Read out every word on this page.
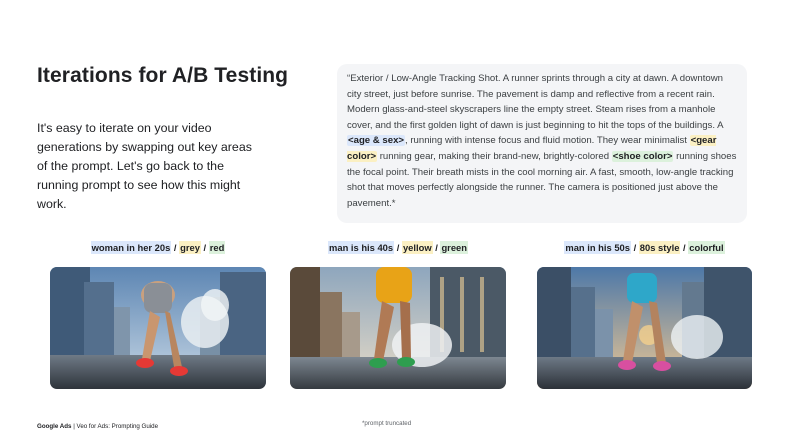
Iterations for A/B Testing
It's easy to iterate on your video generations by swapping out key areas of the prompt. Let's go back to the running prompt to see how this might work.
“Exterior / Low-Angle Tracking Shot. A runner sprints through a city at dawn. A downtown city street, just before sunrise. The pavement is damp and reflective from a recent rain. Modern glass-and-steel skyscrapers line the empty street. Steam rises from a manhole cover, and the first golden light of dawn is just beginning to hit the tops of the buildings. A <age & sex>, running with intense focus and fluid motion. They wear minimalist <gear color> running gear, making their brand-new, brightly-colored <shoe color> running shoes the focal point. Their breath mists in the cool morning air. A fast, smooth, low-angle tracking shot that moves perfectly alongside the runner. The camera is positioned just above the pavement.*
woman in her 20s / grey / red	man is his 40s / yellow / green	man in his 50s / 80s style / colorful
Google Ads | Veo for Ads: Prompting Guide	*prompt truncated
